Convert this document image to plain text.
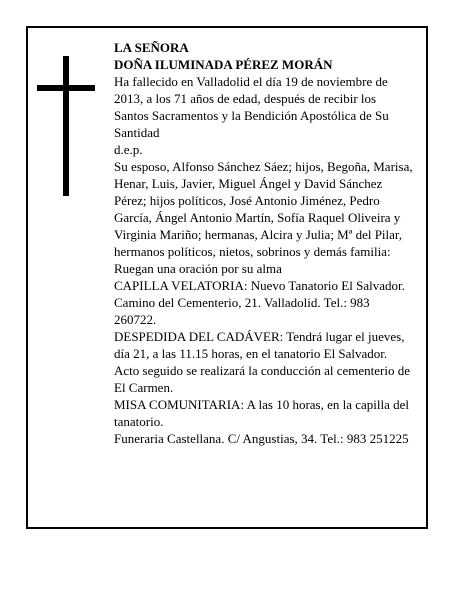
LA SEÑORA

DOÑA ILUMINADA PÉREZ MORÁN

Ha fallecido en Valladolid el día 19 de noviembre de 2013, a los 71 años de edad, después de recibir los Santos Sacramentos y la Bendición Apostólica de Su Santidad

d.e.p.

Su esposo, Alfonso Sánchez Sáez; hijos, Begoña, Marisa, Henar, Luis, Javier, Miguel Ángel y David Sánchez Pérez; hijos políticos, José Antonio Jiménez, Pedro García, Ángel Antonio Martín, Sofía Raquel Oliveira y Virginia Mariño; hermanas, Alcira y Julia; Mª del Pilar, hermanos políticos, nietos, sobrinos y demás familia:

Ruegan una oración por su alma

CAPILLA VELATORIA: Nuevo Tanatorio El Salvador. Camino del Cementerio, 21. Valladolid. Tel.: 983 260722.

DESPEDIDA DEL CADÁVER: Tendrá lugar el jueves, día 21, a las 11.15 horas, en el tanatorio El Salvador. Acto seguido se realizará la conducción al cementerio de El Carmen.

MISA COMUNITARIA: A las 10 horas, en la capilla del tanatorio.

Funeraria Castellana. C/ Angustias, 34. Tel.: 983 251225
